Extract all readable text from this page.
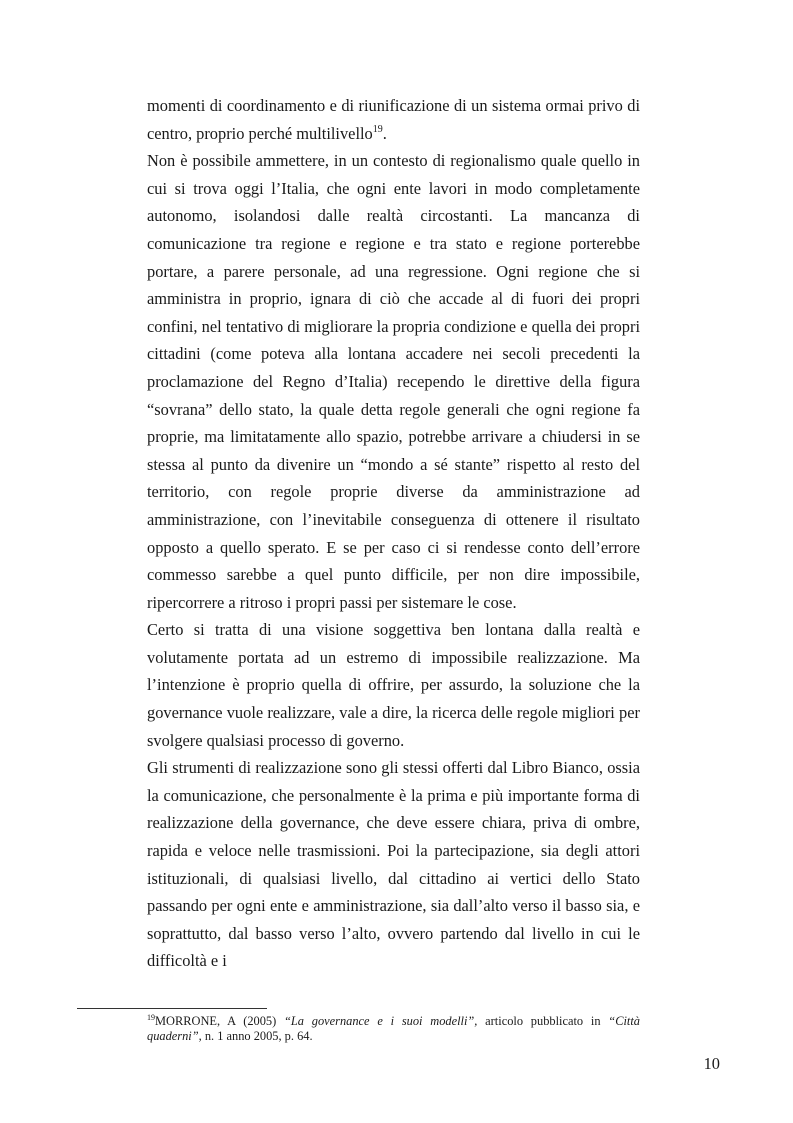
momenti di coordinamento e di riunificazione di un sistema ormai privo di centro, proprio perché multilivello$^{19}$.

Non è possibile ammettere, in un contesto di regionalismo quale quello in cui si trova oggi l’Italia, che ogni ente lavori in modo completamente autonomo, isolandosi dalle realtà circostanti. La mancanza di comunicazione tra regione e regione e tra stato e regione porterebbe portare, a parere personale, ad una regressione. Ogni regione che si amministra in proprio, ignara di ciò che accade al di fuori dei propri confini, nel tentativo di migliorare la propria condizione e quella dei propri cittadini (come poteva alla lontana accadere nei secoli precedenti la proclamazione del Regno d’Italia) recependo le direttive della figura “sovrana” dello stato, la quale detta regole generali che ogni regione fa proprie, ma limitatamente allo spazio, potrebbe arrivare a chiudersi in se stessa al punto da divenire un “mondo a sé stante” rispetto al resto del territorio, con regole proprie diverse da amministrazione ad amministrazione, con l’inevitabile conseguenza di ottenere il risultato opposto a quello sperato. E se per caso ci si rendesse conto dell’errore commesso sarebbe a quel punto difficile, per non dire impossibile, ripercorrere a ritroso i propri passi per sistemare le cose.

Certo si tratta di una visione soggettiva ben lontana dalla realtà e volutamente portata ad un estremo di impossibile realizzazione. Ma l’intenzione è proprio quella di offrire, per assurdo, la soluzione che la governance vuole realizzare, vale a dire, la ricerca delle regole migliori per svolgere qualsiasi processo di governo.

Gli strumenti di realizzazione sono gli stessi offerti dal Libro Bianco, ossia la comunicazione, che personalmente è la prima e più importante forma di realizzazione della governance, che deve essere chiara, priva di ombre, rapida e veloce nelle trasmissioni. Poi la partecipazione, sia degli attori istituzionali, di qualsiasi livello, dal cittadino ai vertici dello Stato passando per ogni ente e amministrazione, sia dall’alto verso il basso sia, e soprattutto, dal basso verso l’alto, ovvero partendo dal livello in cui le difficoltà e i

$^{19}$MORRONE, A (2005) “La governance e i suoi modelli”, articolo pubblicato in “Città quaderni”, n. 1 anno 2005, p. 64.
10
